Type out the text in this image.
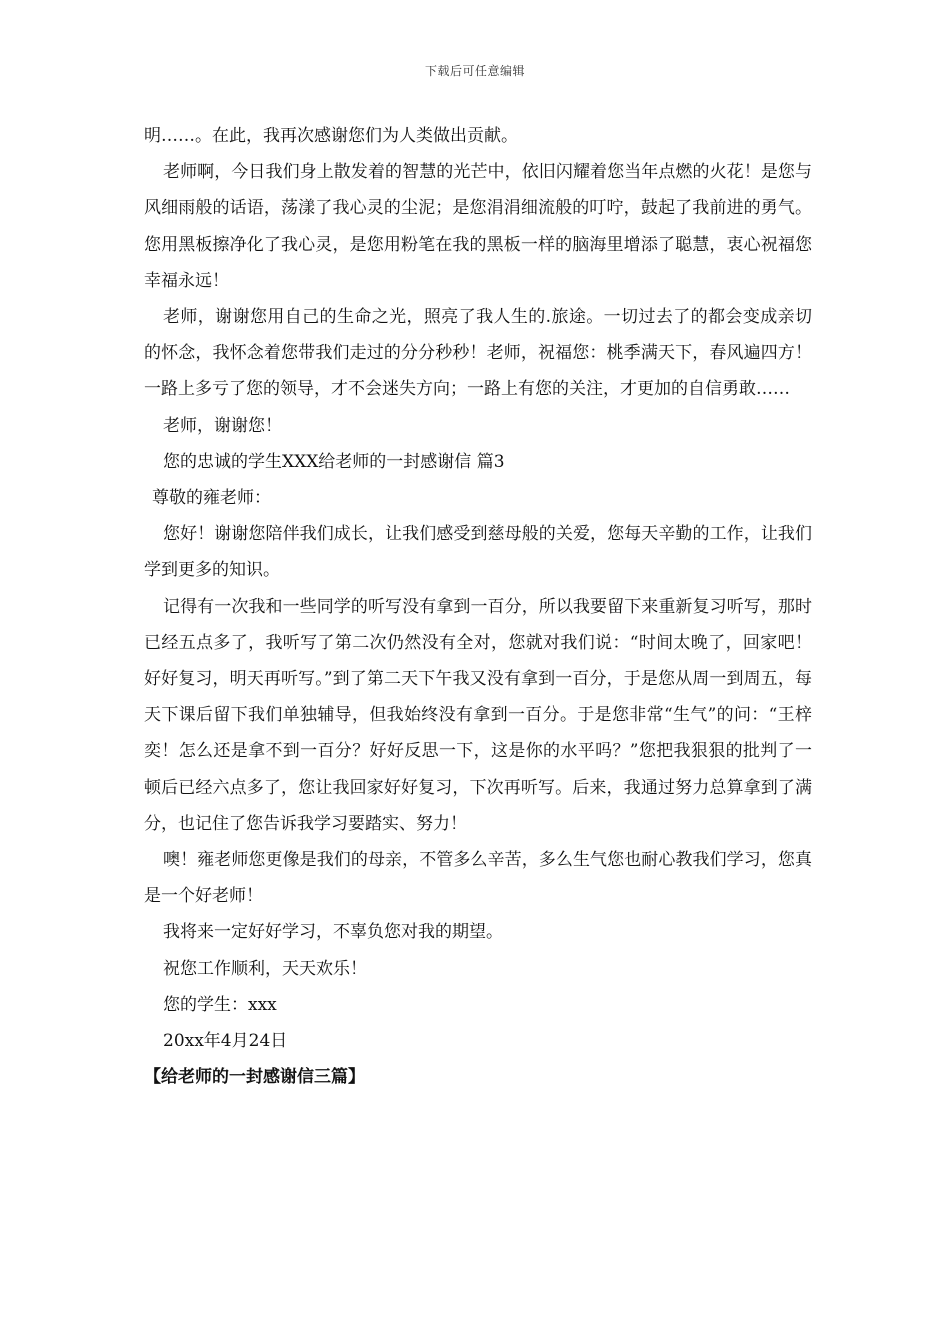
下载后可任意编辑

明……。在此，我再次感谢您们为人类做出贡献。

老师啊，今日我们身上散发着的智慧的光芒中，依旧闪耀着您当年点燃的火花！是您与风细雨般的话语，荡漾了我心灵的尘泥；是您涓涓细流般的叮咛，鼓起了我前进的勇气。您用黑板擦净化了我心灵，是您用粉笔在我的黑板一样的脑海里增添了聪慧，衷心祝福您幸福永远！

老师，谢谢您用自己的生命之光，照亮了我人生的.旅途。一切过去了的都会变成亲切的怀念，我怀念着您带我们走过的分分秒秒！老师，祝福您：桃季满天下，春风遍四方！一路上多亏了您的领导，才不会迷失方向；一路上有您的关注，才更加的自信勇敢……

老师，谢谢您！

您的忠诚的学生XXX给老师的一封感谢信 篇3

尊敬的雍老师：

您好！谢谢您陪伴我们成长，让我们感受到慈母般的关爱，您每天辛勤的工作，让我们学到更多的知识。

记得有一次我和一些同学的听写没有拿到一百分，所以我要留下来重新复习听写，那时已经五点多了，我听写了第二次仍然没有全对，您就对我们说：“时间太晚了，回家吧！好好复习，明天再听写。”到了第二天下午我又没有拿到一百分，于是您从周一到周五，每天下课后留下我们单独辅导，但我始终没有拿到一百分。于是您非常“生气”的问：“王梓奕！怎么还是拿不到一百分？好好反思一下，这是你的水平吗？”您把我狠狠的批判了一顿后已经六点多了，您让我回家好好复习，下次再听写。后来，我通过努力总算拿到了满分，也记住了您告诉我学习要踏实、努力！

噢！雍老师您更像是我们的母亲，不管多么辛苦，多么生气您也耐心教我们学习，您真是一个好老师！

我将来一定好好学习，不辜负您对我的期望。

祝您工作顺利，天天欢乐！

您的学生：xxx

20xx年4月24日

【给老师的一封感谢信三篇】
